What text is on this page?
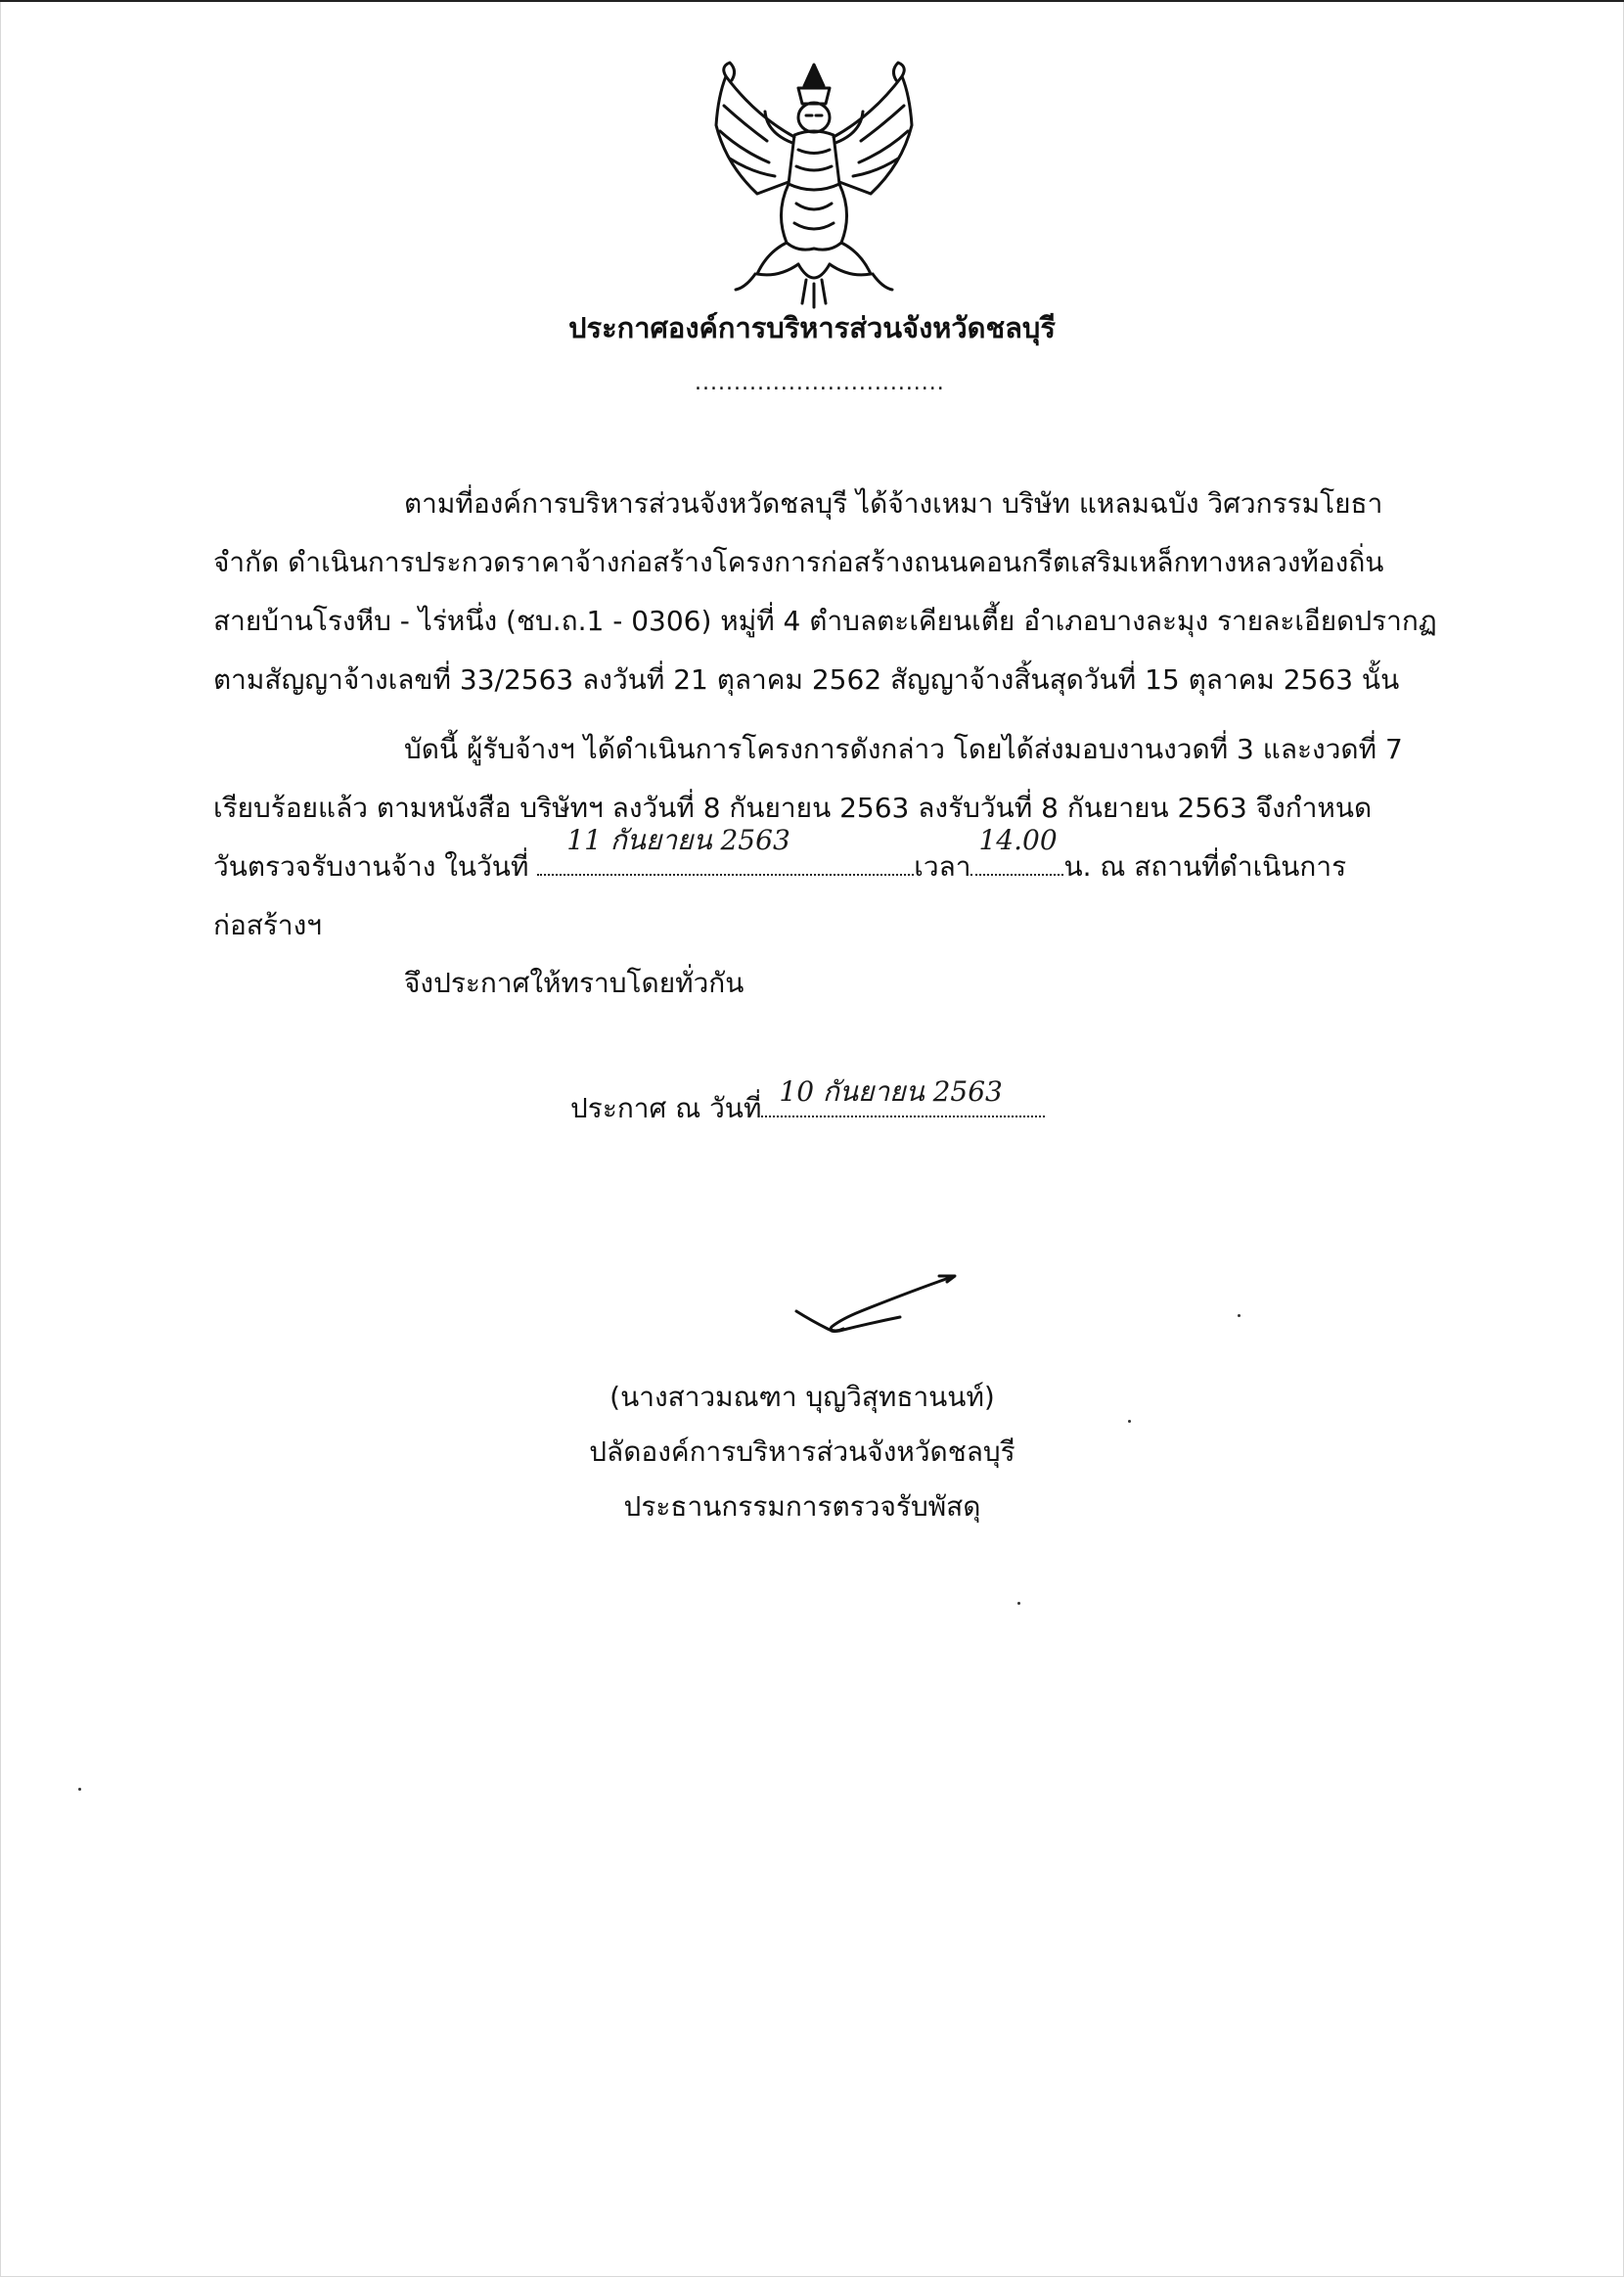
ประกาศองค์การบริหารส่วนจังหวัดชลบุรี
................................
ตามที่องค์การบริหารส่วนจังหวัดชลบุรี ได้จ้างเหมา บริษัท แหลมฉบัง วิศวกรรมโยธา
จำกัด ดำเนินการประกวดราคาจ้างก่อสร้างโครงการก่อสร้างถนนคอนกรีตเสริมเหล็กทางหลวงท้องถิ่น
สายบ้านโรงหีบ - ไร่หนึ่ง (ชบ.ถ.1 - 0306) หมู่ที่ 4 ตำบลตะเคียนเตี้ย อำเภอบางละมุง รายละเอียดปรากฏ
ตามสัญญาจ้างเลขที่ 33/2563 ลงวันที่ 21 ตุลาคม 2562 สัญญาจ้างสิ้นสุดวันที่ 15 ตุลาคม 2563 นั้น
บัดนี้ ผู้รับจ้างฯ ได้ดำเนินการโครงการดังกล่าว โดยได้ส่งมอบงานงวดที่ 3 และงวดที่ 7
เรียบร้อยแล้ว ตามหนังสือ บริษัทฯ ลงวันที่ 8 กันยายน 2563 ลงรับวันที่ 8 กันยายน 2563 จึงกำหนด
วันตรวจรับงานจ้าง ในวันที่
11 กันยายน 2563
เวลา
14.00
น. ณ สถานที่ดำเนินการ
ก่อสร้างฯ
จึงประกาศให้ทราบโดยทั่วกัน
ประกาศ ณ วันที่
10 กันยายน 2563
(นางสาวมณฑา บุญวิสุทธานนท์)
ปลัดองค์การบริหารส่วนจังหวัดชลบุรี
ประธานกรรมการตรวจรับพัสดุ
